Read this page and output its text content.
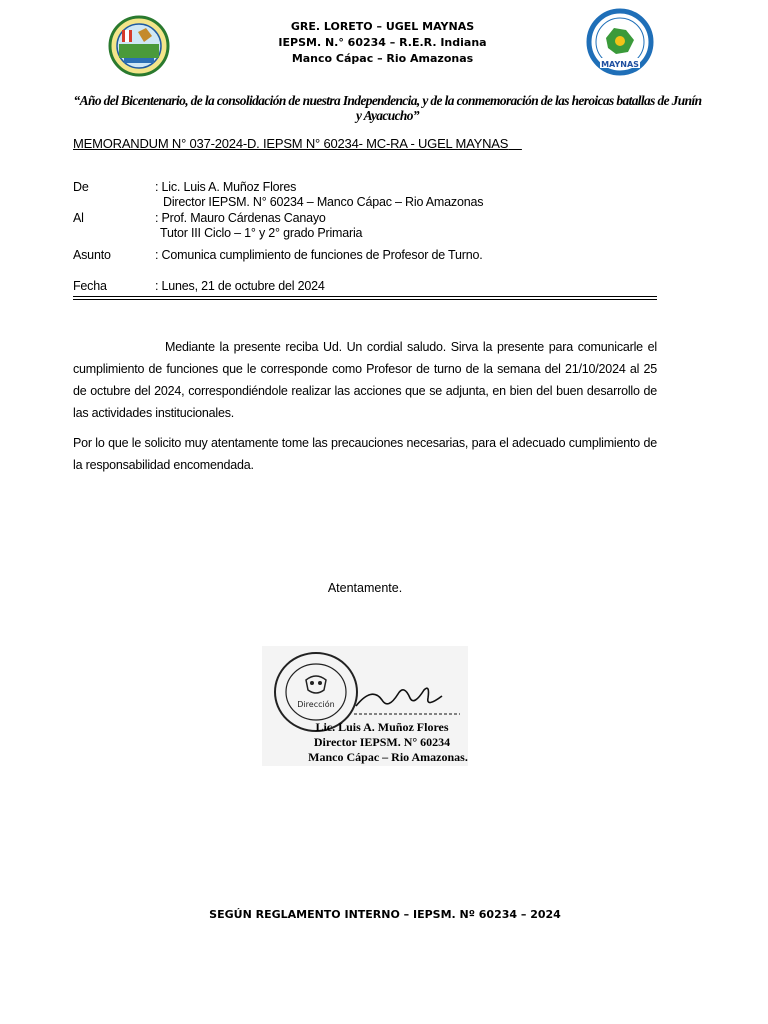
GRE. LORETO – UGEL MAYNAS
IEPSM. N.° 60234 – R.E.R. Indiana
Manco Cápac – Rio Amazonas	MAYNAS
“Año del Bicentenario, de la consolidación de nuestra Independencia, y de la conmemoración de las heroicas batallas de Junín y Ayacucho”
MEMORANDUM N° 037-2024-D. IEPSM N° 60234- MC-RA - UGEL MAYNAS
De	: Lic. Luis A. Muñoz Flores
Director IEPSM. N° 60234 – Manco Cápac – Rio Amazonas
Al	: Prof. Mauro Cárdenas Canayo
Tutor III Ciclo – 1° y 2° grado Primaria
Asunto	: Comunica cumplimiento de funciones de Profesor de Turno.
Fecha	: Lunes, 21 de octubre del 2024
Mediante la presente reciba Ud. Un cordial saludo. Sirva la presente para comunicarle el cumplimiento de funciones que le corresponde como Profesor de turno de la semana del 21/10/2024 al 25 de octubre del 2024, correspondiéndole realizar las acciones que se adjunta, en bien del buen desarrollo de las actividades institucionales.
Por lo que le solicito muy atentamente tome las precauciones necesarias, para el adecuado cumplimiento de la responsabilidad encomendada.
Atentamente.
Dirección
Lic. Luis A. Muñoz Flores
Director IEPSM. N° 60234
Manco Cápac – Rio Amazonas.
SEGÚN REGLAMENTO INTERNO – IEPSM. Nº 60234 – 2024
